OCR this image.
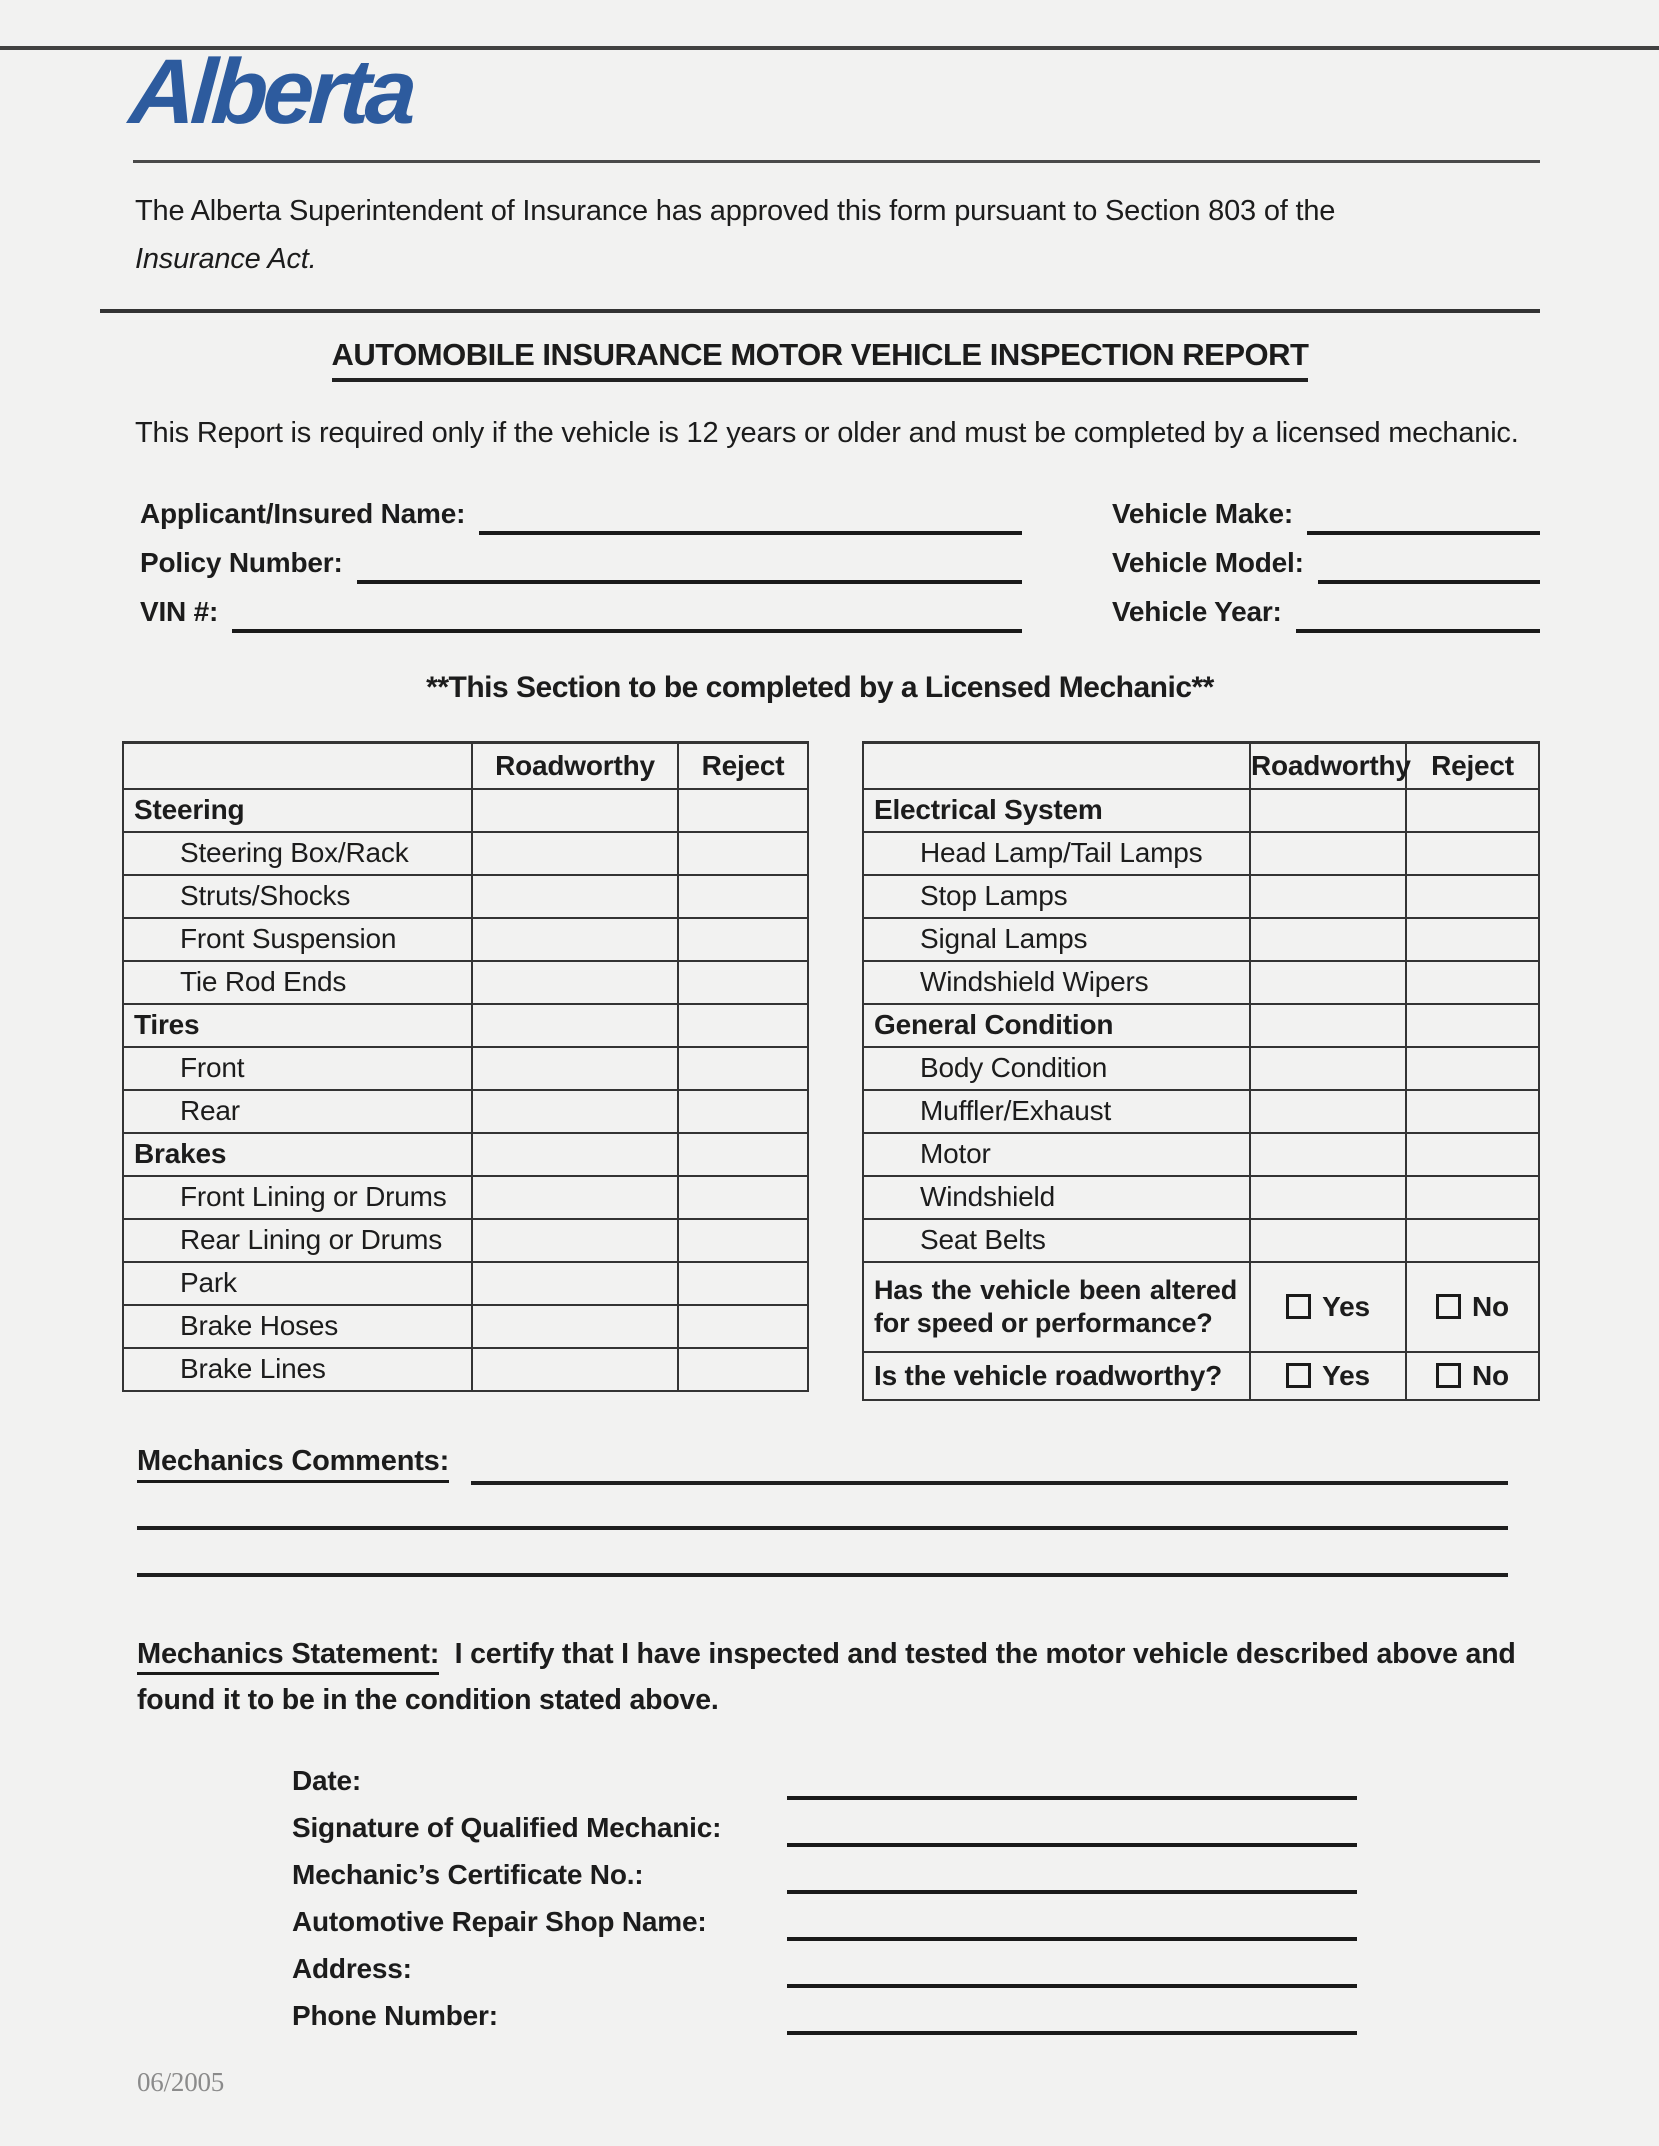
Alberta

The Alberta Superintendent of Insurance has approved this form pursuant to Section 803 of the
Insurance Act.

AUTOMOBILE INSURANCE MOTOR VEHICLE INSPECTION REPORT

This Report is required only if the vehicle is 12 years or older and must be completed by a licensed mechanic.

Applicant/Insured Name:	Vehicle Make:
Policy Number:	Vehicle Model:
VIN #:	Vehicle Year:
**This Section to be completed by a Licensed Mechanic**
	Roadworthy	Reject
Steering		
Steering Box/Rack		
Struts/Shocks		
Front Suspension		
Tie Rod Ends		
Tires		
Front		
Rear		
Brakes		
Front Lining or Drums		
Rear Lining or Drums		
Park		
Brake Hoses		
Brake Lines		
	Roadworthy	Reject
Electrical System		
Head Lamp/Tail Lamps		
Stop Lamps		
Signal Lamps		
Windshield Wipers		
General Condition		
Body Condition		
Muffler/Exhaust		
Motor		
Windshield		
Seat Belts		
Has the vehicle been altered for speed or performance?	Yes	No
Is the vehicle roadworthy?	Yes	No
Mechanics Comments:

Mechanics Statement: I certify that I have inspected and tested the motor vehicle described above and found it to be in the condition stated above.

Date:
Signature of Qualified Mechanic:
Mechanic’s Certificate No.:
Automotive Repair Shop Name:
Address:
Phone Number:
06/2005
